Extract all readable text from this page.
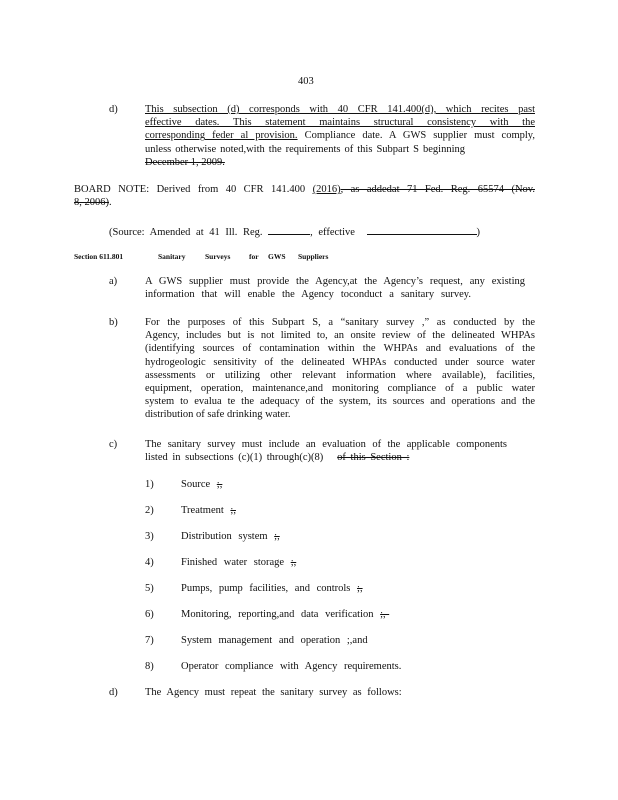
403
d)	This subsection (d) corresponds with 40 CFR 141.400(d), which recites past
effective dates. This statement maintains structural consistency with the
corresponding feder al provision. Compliance date. A GWS supplier must comply,
unless otherwise noted,with the requirements of this Subpart S beginning
December 1, 2009.
BOARD NOTE: Derived from 40 CFR 141.400 (2016), as addedat 71 Fed. Reg. 65574 (Nov.
8, 2006).
(Source: Amended at 41 Ill. Reg.	, effective	)
Section 611.801	Sanitary	Surveys for GWS Suppliers
a)	A GWS supplier must provide the Agency,at the Agency’s request, any existing
information that will enable the Agency toconduct a sanitary survey.
b)	For the purposes of this Subpart S, a “sanitary survey ,” as conducted by the
Agency, includes but is not limited to, an onsite review of the delineated WHPAs
(identifying sources of contamination within the WHPAs and evaluations of the
hydrogeologic sensitivity of the delineated WHPAs conducted under source water
assessments or utilizing other relevant information where available), facilities,
equipment, operation, maintenance,and monitoring compliance of a public water
system to evalua te the adequacy of the system, its sources and operations and the
distribution of safe drinking water.
c)	The sanitary survey must include an evaluation of the applicable components
listed in subsections (c)(1) through(c)(8) of this Section :
1)	Source ;,
2)	Treatment ;,
3)	Distribution system ;,
4)	Finished water storage ;,
5)	Pumps, pump facilities, and controls ;,
6)	Monitoring, reporting,and data verification ;,-
7)	System management and operation ;,and
8)	Operator compliance with Agency requirements.
d)	The Agency must repeat the sanitary survey as follows:
